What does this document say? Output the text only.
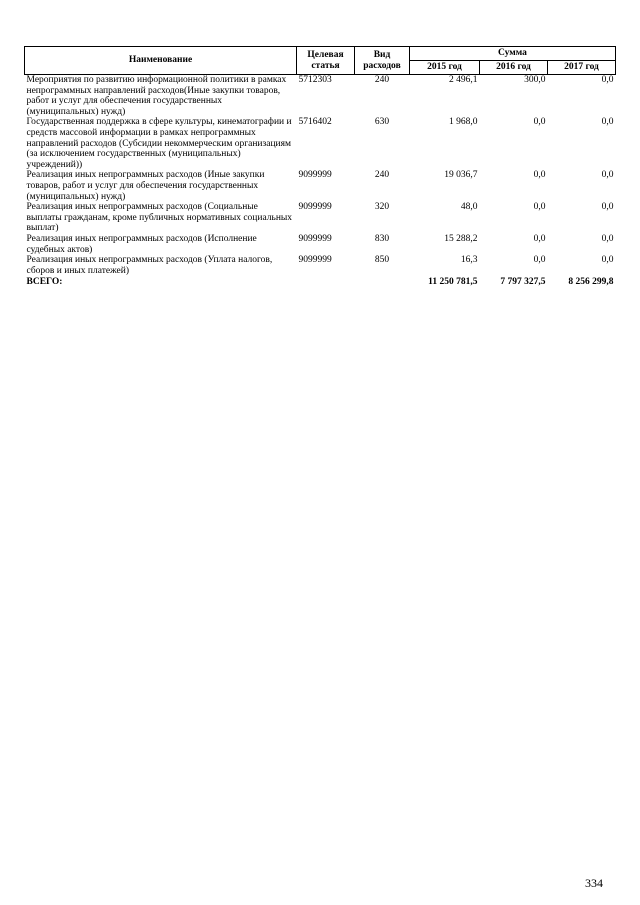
Наименование	Целевая статья	Вид расходов	Сумма		
			2015 год	2016 год	2017 год
Мероприятия по развитию информационной политики в рамках непрограммных направлений расходов(Иные закупки товаров, работ и услуг для обеспечения государственных (муниципальных) нужд)	5712303	240	2 496,1	300,0	0,0
Государственная поддержка в сфере культуры, кинематографии и средств массовой информации в рамках непрограммных направлений расходов (Субсидии некоммерческим организациям (за исключением государственных (муниципальных) учреждений))	5716402	630	1 968,0	0,0	0,0
Реализация иных непрограммных расходов (Иные закупки товаров, работ и услуг для обеспечения государственных (муниципальных) нужд)	9099999	240	19 036,7	0,0	0,0
Реализация иных непрограммных расходов (Социальные выплаты гражданам, кроме публичных нормативных социальных выплат)	9099999	320	48,0	0,0	0,0
Реализация иных непрограммных расходов (Исполнение судебных актов)	9099999	830	15 288,2	0,0	0,0
Реализация иных непрограммных расходов (Уплата налогов, сборов и иных платежей)	9099999	850	16,3	0,0	0,0
ВСЕГО:			11 250 781,5	7 797 327,5	8 256 299,8
334
